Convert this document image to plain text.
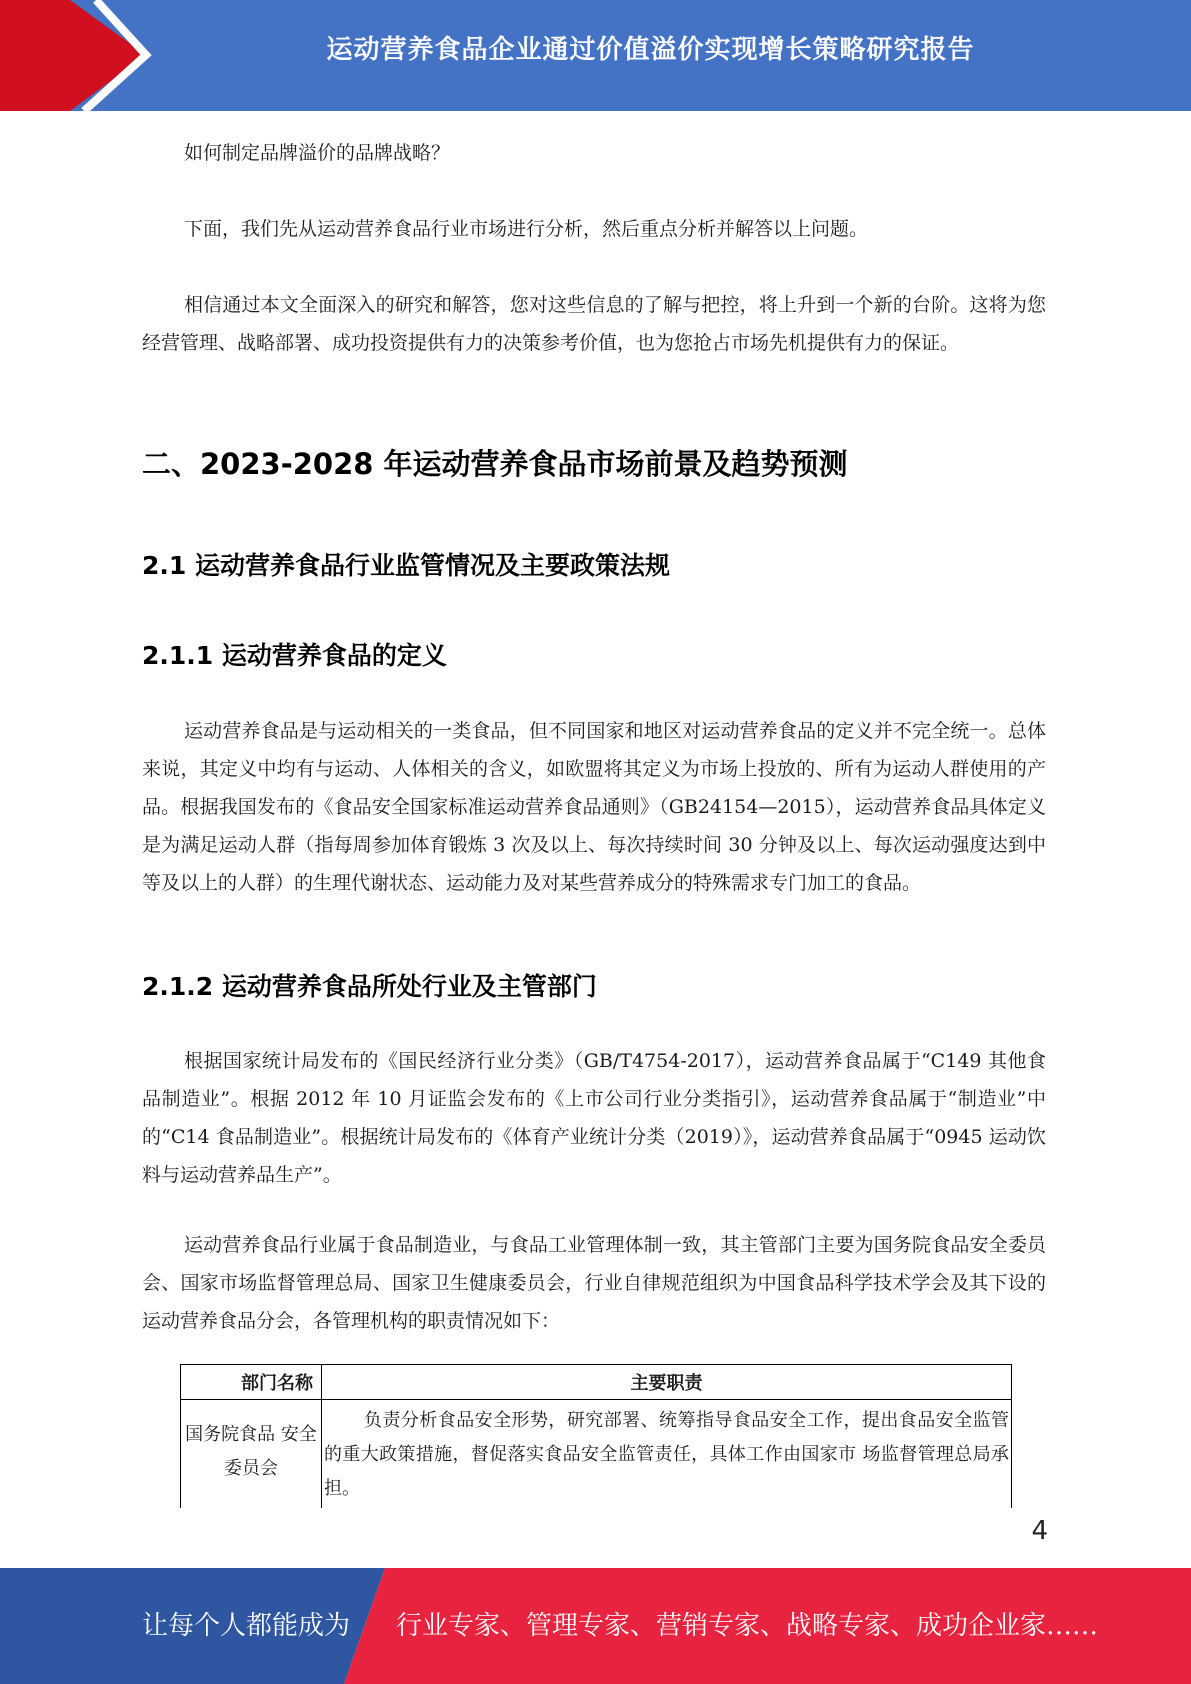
运动营养食品企业通过价值溢价实现增长策略研究报告

如何制定品牌溢价的品牌战略？

下面，我们先从运动营养食品行业市场进行分析，然后重点分析并解答以上问题。

相信通过本文全面深入的研究和解答，您对这些信息的了解与把控，将上升到一个新的台阶。这将为您经营管理、战略部署、成功投资提供有力的决策参考价值，也为您抢占市场先机提供有力的保证。

二、2023-2028 年运动营养食品市场前景及趋势预测
2.1 运动营养食品行业监管情况及主要政策法规
2.1.1 运动营养食品的定义

运动营养食品是与运动相关的一类食品，但不同国家和地区对运动营养食品的定义并不完全统一。总体来说，其定义中均有与运动、人体相关的含义，如欧盟将其定义为市场上投放的、所有为运动人群使用的产品。根据我国发布的《食品安全国家标准运动营养食品通则》（GB24154—2015），运动营养食品具体定义是为满足运动人群（指每周参加体育锻炼 3 次及以上、每次持续时间 30 分钟及以上、每次运动强度达到中等及以上的人群）的生理代谢状态、运动能力及对某些营养成分的特殊需求专门加工的食品。

2.1.2 运动营养食品所处行业及主管部门

根据国家统计局发布的《国民经济行业分类》（GB/T4754-2017），运动营养食品属于“C149 其他食品制造业”。根据 2012 年 10 月证监会发布的《上市公司行业分类指引》，运动营养食品属于“制造业”中的“C14 食品制造业”。根据统计局发布的《体育产业统计分类（2019）》，运动营养食品属于“0945 运动饮料与运动营养品生产”。

运动营养食品行业属于食品制造业，与食品工业管理体制一致，其主管部门主要为国务院食品安全委员会、国家市场监督管理总局、国家卫生健康委员会，行业自律规范组织为中国食品科学技术学会及其下设的运动营养食品分会，各管理机构的职责情况如下：

部门名称	主要职责
国务院食品 安全委员会	负责分析食品安全形势，研究部署、统筹指导食品安全工作，提出食品安全监管的重大政策措施，督促落实食品安全监管责任，具体工作由国家市 场监督管理总局承担。
4
让每个人都能成为 行业专家、管理专家、营销专家、战略专家、成功企业家……
